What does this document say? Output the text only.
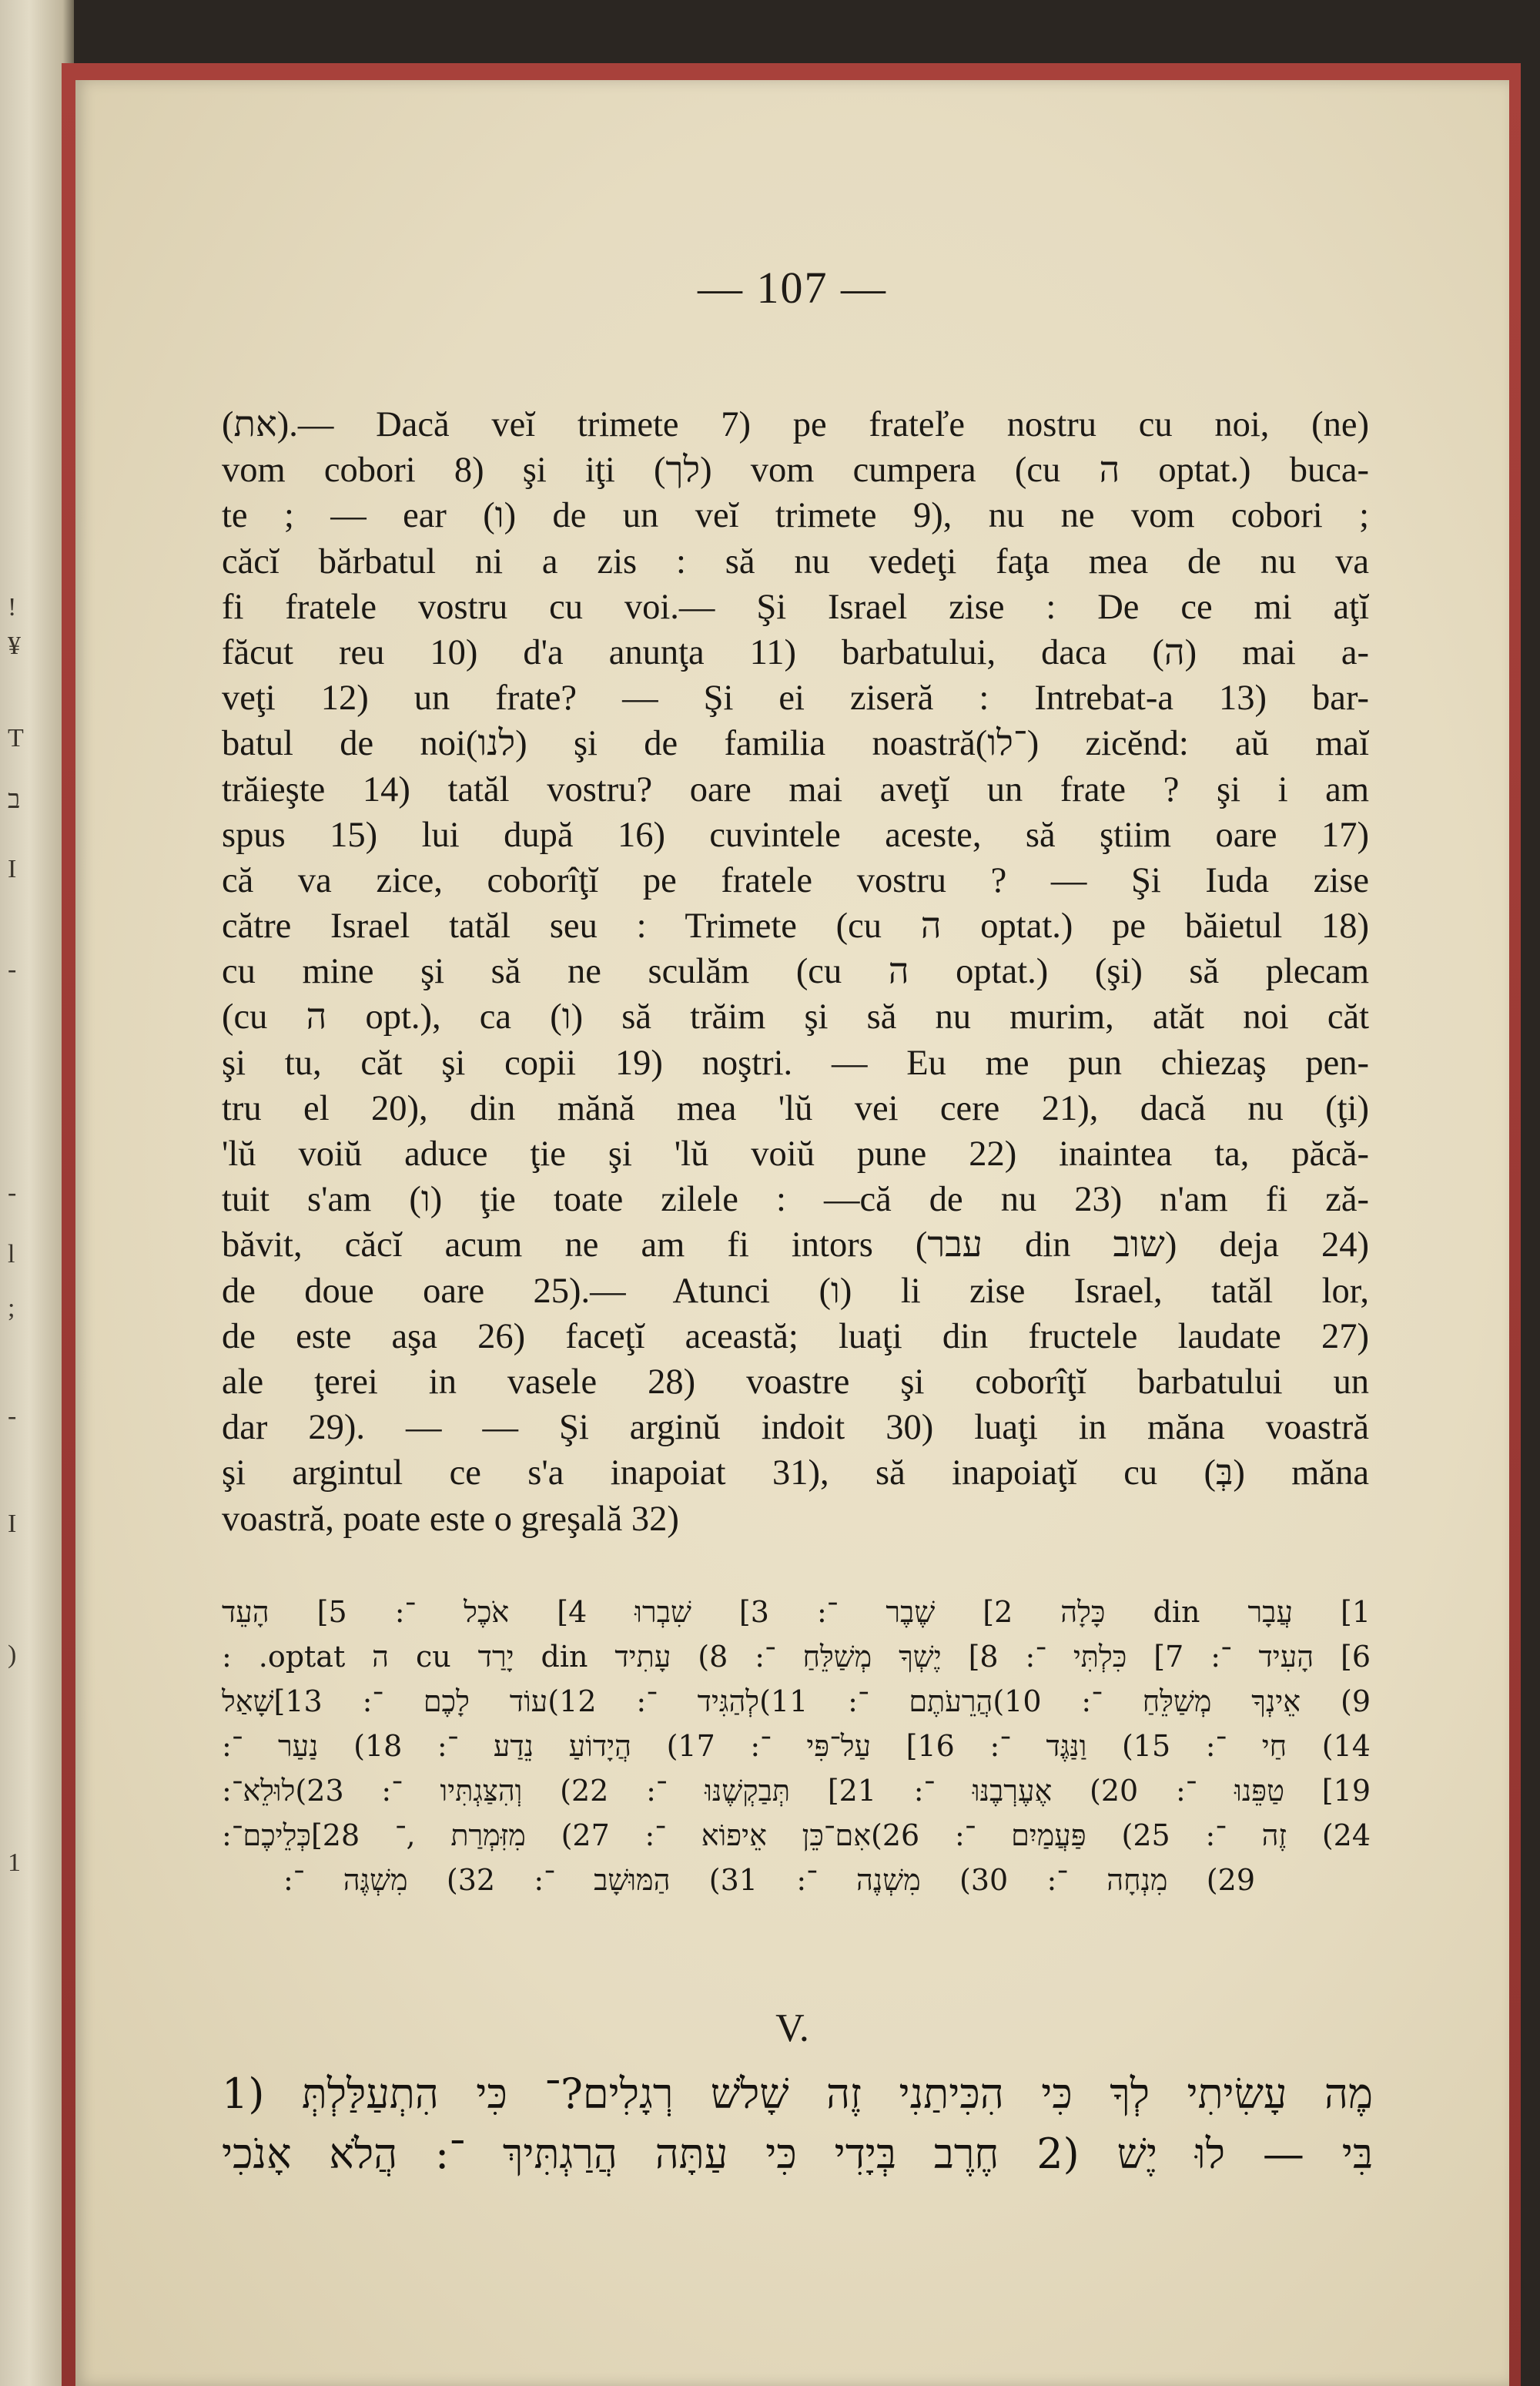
!
¥
T
ב
I
-
-
l
;
-
I
)
1
— 107 —
(את).— Dacă veĭ trimete 7) pe frateľe nostru cu noi, (ne)
vom cobori 8) şi iţi (לך) vom cumpera (cu ה optat.) buca-
te ; — ear (ו) de un veĭ trimete 9), nu ne vom cobori ;
căcĭ bărbatul ni a zis : să nu vedeţi faţa mea de nu va
fi fratele vostru cu voi.— Şi Israel zise : De ce mi aţĭ
făcut reu 10) d'a anunţa 11) barbatului, daca (ה) mai a-
veţi 12) un frate? — Şi ei ziseră : Intrebat-a 13) bar-
batul de noi(לנו) şi de familia noastră(־לו) zicĕnd: aŭ maĭ
trăieşte 14) tatăl vostru? oare mai aveţĭ un frate ? şi i am
spus 15) lui după 16) cuvintele aceste, să ştiim oare 17)
că va zice, coborîţĭ pe fratele vostru ? — Şi Iuda zise
către Israel tatăl seu : Trimete (cu ה optat.) pe băietul 18)
cu mine şi să ne sculăm (cu ה optat.) (şi) să plecam
(cu ה opt.), ca (ו) să trăim şi să nu murim, atăt noi căt
şi tu, căt şi copii 19) noştri. — Eu me pun chiezaş pen-
tru el 20), din mănă mea 'lŭ vei cere 21), dacă nu (ţi)
'lŭ voiŭ aduce ţie şi 'lŭ voiŭ pune 22) inaintea ta, păcă-
tuit s'am (ו) ţie toate zilele : —că de nu 23) n'am fi ză-
băvit, căcĭ acum ne am fi intors (עבר din שוב) deja 24)
de doue oare 25).— Atunci (ו) li zise Israel, tatăl lor,
de este aşa 26) faceţĭ această; luaţi din fructele laudate 27)
ale ţerei in vasele 28) voastre şi coborîţĭ barbatului un
dar 29). — — Şi arginŭ indoit 30) luaţi in măna voastră
şi argintul ce s'a inapoiat 31), să inapoiaţĭ cu (בְּ) măna
voastră, poate este o greşală 32)
1] עֲבָר din כָּלָה 2] שֶׁבֶר ־: 3] שִׁבְרוּ 4] אֹכֶל ־: 5] הָעֵד
6] הָעִיד ־: 7] כִּלְתִּי ־: 8] יֶשְׁךָ מְשַׁלֵּחַ ־: 8) עָתִיד din יָרַד cu ה optat. :
9) אֵינְךָ מְשַׁלֵּחַ ־: 10)הֲרֵעֹתֶם ־: 11)לְהַגִּיד ־: 12)עוֹד לָכֶם ־: 13]שָׁאַל
14) חַי ־: 15) וַנַּגֶּד ־: 16] עַל־פִּי ־: 17) הֲיָדוֹעַ נֵדַע ־: 18) נַעַר ־:
19] טַפֵּנוּ ־: 20) אֶעֶרְבֶנּוּ ־: 21] תְּבַקְשֶׁנּוּ ־: 22) וְהִצַּגְתִּיו ־: 23)לוּלֵא־:
24) זֶה ־: 25) פַּעֲמַיִם ־: 26)אִם־כֵּן אֵיפוֹא ־: 27) מִזִּמְרַת ,־ 28]כְּלֵיכֶם־:
29) מִנְחָה ־: 30) מִשְׁנֶה ־: 31) הַמּוּשָׁב ־: 32) מִשְׁגֶּה ־:
V.
מֶה עָשִׂיתִי לְךָ כִּי הִכִּיתַנִי זֶה שָׁלֹשׁ רְגָלִים?־ כִּי הִתְעַלַּלְתְּ (1
בִּי — לוּ יֶשׁ (2 חֶרֶב בְּיָדִי כִּי עַתָּה הֲרַגְתִּיךְ ־: הֲלֹא אָנֹכִי
